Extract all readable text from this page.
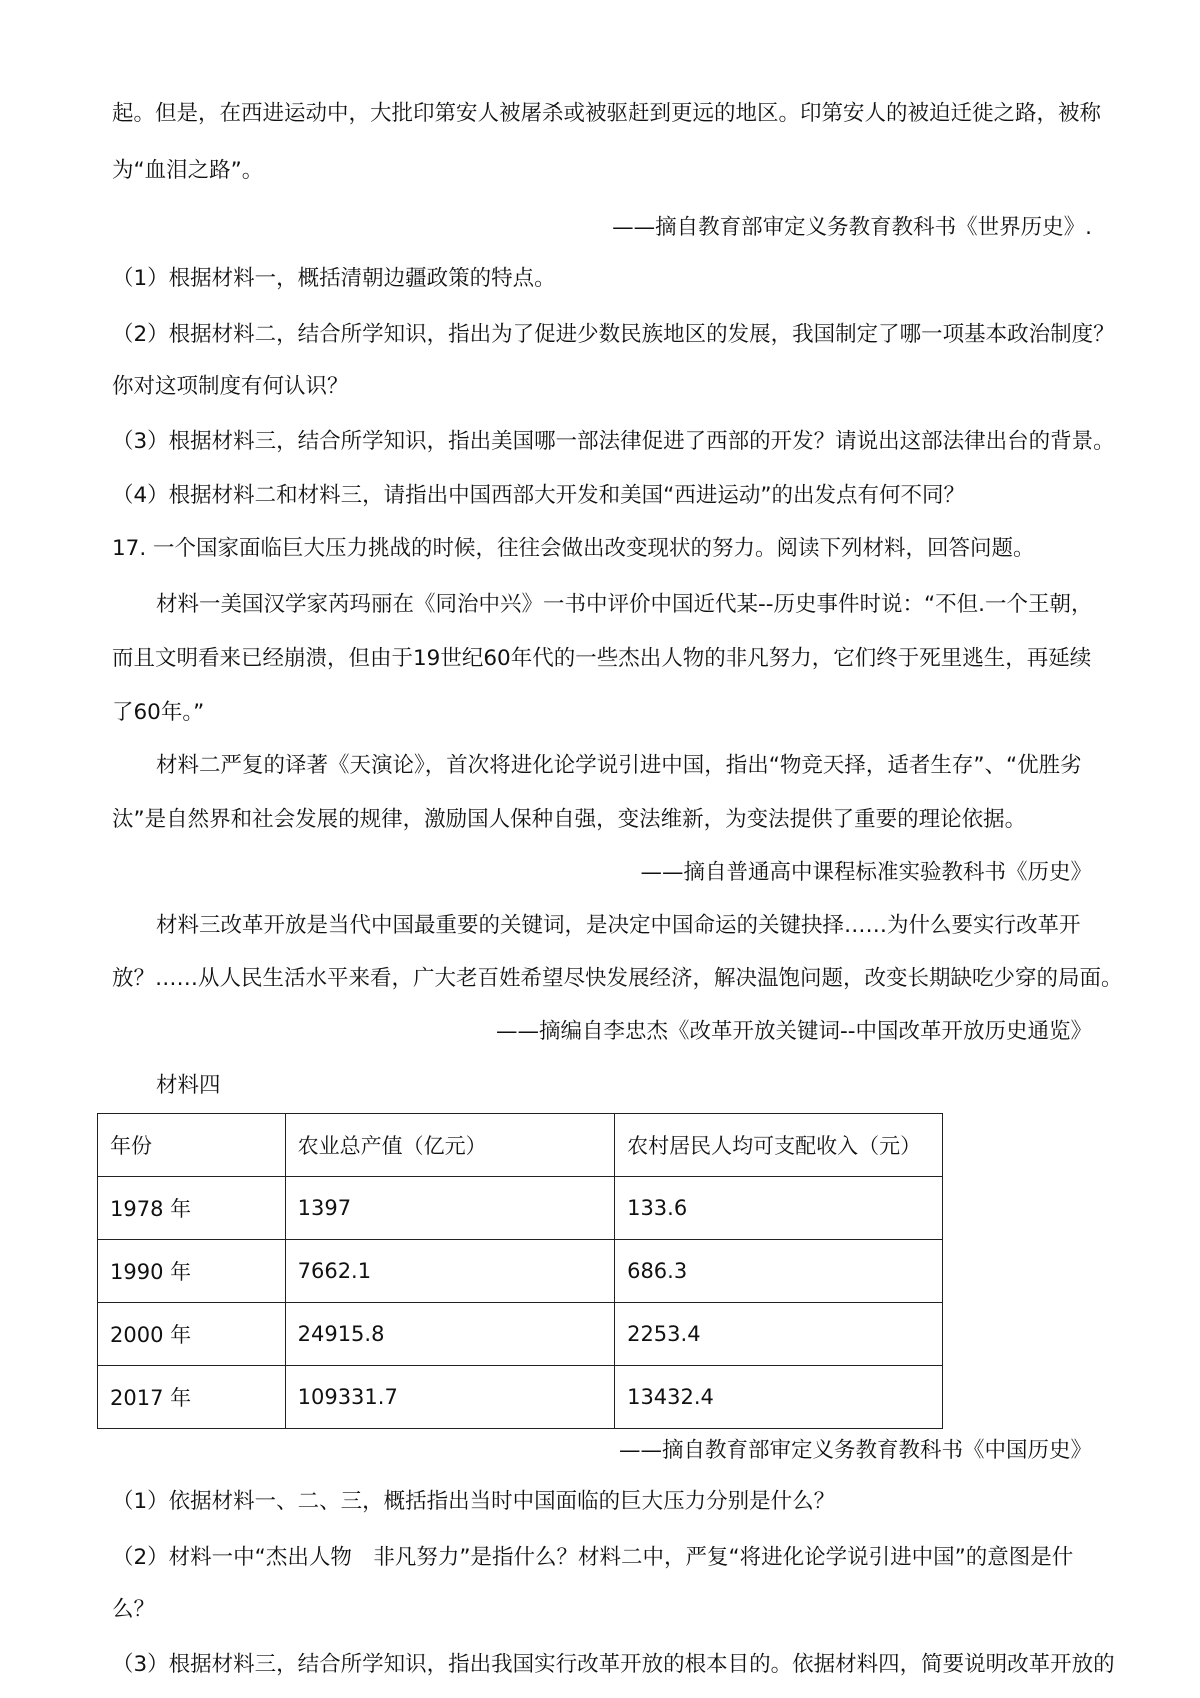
起。但是，在西进运动中，大批印第安人被屠杀或被驱赶到更远的地区。印第安人的被迫迁徙之路，被称
为“血泪之路”。
——摘自教育部审定义务教育教科书《世界历史》.
（1）根据材料一，概括清朝边疆政策的特点。
（2）根据材料二，结合所学知识，指出为了促进少数民族地区的发展，我国制定了哪一项基本政治制度？
你对这项制度有何认识？
（3）根据材料三，结合所学知识，指出美国哪一部法律促进了西部的开发？请说出这部法律出台的背景。
（4）根据材料二和材料三，请指出中国西部大开发和美国“西进运动”的出发点有何不同？
17. 一个国家面临巨大压力挑战的时候，往往会做出改变现状的努力。阅读下列材料，回答问题。
材料一美国汉学家芮玛丽在《同治中兴》一书中评价中国近代某--历史事件时说：“不但.一个王朝，
而且文明看来已经崩溃，但由于19世纪60年代的一些杰出人物的非凡努力，它们终于死里逃生，再延续
了60年。”
材料二严复的译著《天演论》，首次将进化论学说引进中国，指出“物竞天择，适者生存”、“优胜劣
汰”是自然界和社会发展的规律，激励国人保种自强，变法维新，为变法提供了重要的理论依据。
——摘自普通高中课程标准实验教科书《历史》
材料三改革开放是当代中国最重要的关键词，是决定中国命运的关键抉择……为什么要实行改革开
放？……从人民生活水平来看，广大老百姓希望尽快发展经济，解决温饱问题，改变长期缺吃少穿的局面。
——摘编自李忠杰《改革开放关键词--中国改革开放历史通览》
材料四
年份	农业总产值（亿元）	农村居民人均可支配收入（元）
1978 年	1397	133.6
1990 年	7662.1	686.3
2000 年	24915.8	2253.4
2017 年	109331.7	13432.4
——摘自教育部审定义务教育教科书《中国历史》
（1）依据材料一、二、三，概括指出当时中国面临的巨大压力分别是什么？
（2）材料一中“杰出人物　非凡努力”是指什么？材料二中，严复“将进化论学说引进中国”的意图是什
么？
（3）根据材料三，结合所学知识，指出我国实行改革开放的根本目的。依据材料四，简要说明改革开放的
